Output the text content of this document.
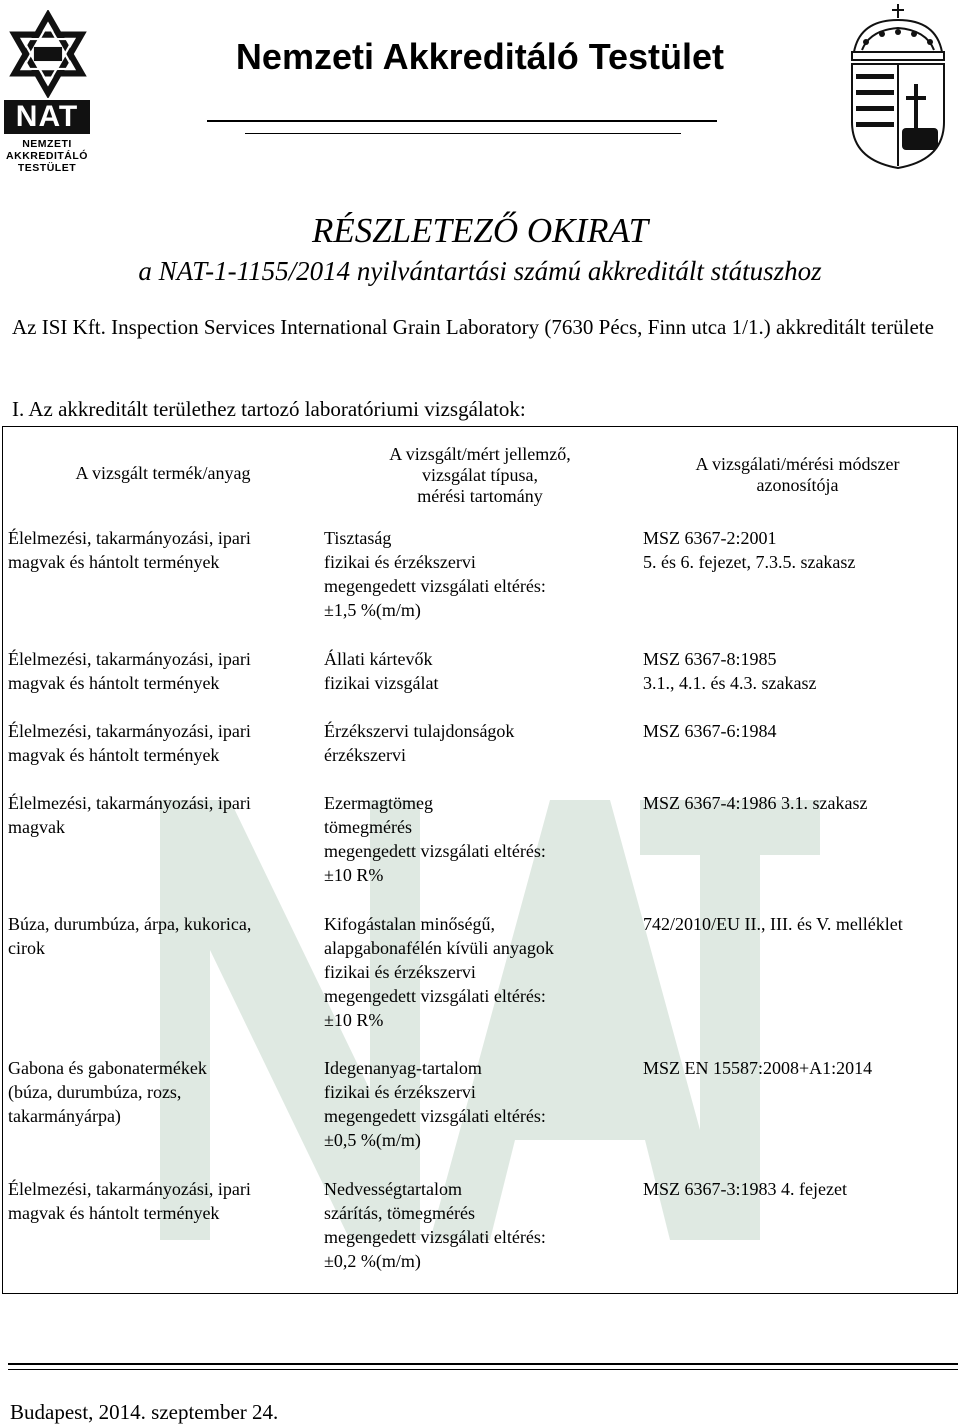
NAT
NEMZETI
AKKREDITÁLÓ
TESTÜLET
Nemzeti Akkreditáló Testület
RÉSZLETEZŐ OKIRAT
a NAT-1-1155/2014 nyilvántartási számú akkreditált státuszhoz
Az ISI Kft. Inspection Services International Grain Laboratory (7630 Pécs, Finn utca 1/1.) akkreditált területe
I. Az akkreditált területhez tartozó laboratóriumi vizsgálatok:
A vizsgált termék/anyag
A vizsgált/mért jellemző,
vizsgálat típusa,
mérési tartomány
A vizsgálati/mérési módszer
azonosítója
Élelmezési, takarmányozási, ipari
magvak és hántolt termények
Tisztaság
fizikai és érzékszervi
megengedett vizsgálati eltérés:
±1,5 %(m/m)
MSZ 6367-2:2001
5. és 6. fejezet, 7.3.5. szakasz
Élelmezési, takarmányozási, ipari
magvak és hántolt termények
Állati kártevők
fizikai vizsgálat
MSZ 6367-8:1985
3.1., 4.1. és 4.3. szakasz
Élelmezési, takarmányozási, ipari
magvak és hántolt termények
Érzékszervi tulajdonságok
érzékszervi
MSZ 6367-6:1984
Élelmezési, takarmányozási, ipari
magvak
Ezermagtömeg
tömegmérés
megengedett vizsgálati eltérés:
±10 R%
MSZ 6367-4:1986 3.1. szakasz
Búza, durumbúza, árpa, kukorica,
cirok
Kifogástalan minőségű,
alapgabonafélén kívüli anyagok
fizikai és érzékszervi
megengedett vizsgálati eltérés:
±10 R%
742/2010/EU II., III. és V. melléklet
Gabona és gabonatermékek
(búza, durumbúza, rozs,
takarmányárpa)
Idegenanyag-tartalom
fizikai és érzékszervi
megengedett vizsgálati eltérés:
±0,5 %(m/m)
MSZ EN 15587:2008+A1:2014
Élelmezési, takarmányozási, ipari
magvak és hántolt termények
Nedvességtartalom
szárítás, tömegmérés
megengedett vizsgálati eltérés:
±0,2 %(m/m)
MSZ 6367-3:1983 4. fejezet
Budapest, 2014. szeptember 24.
